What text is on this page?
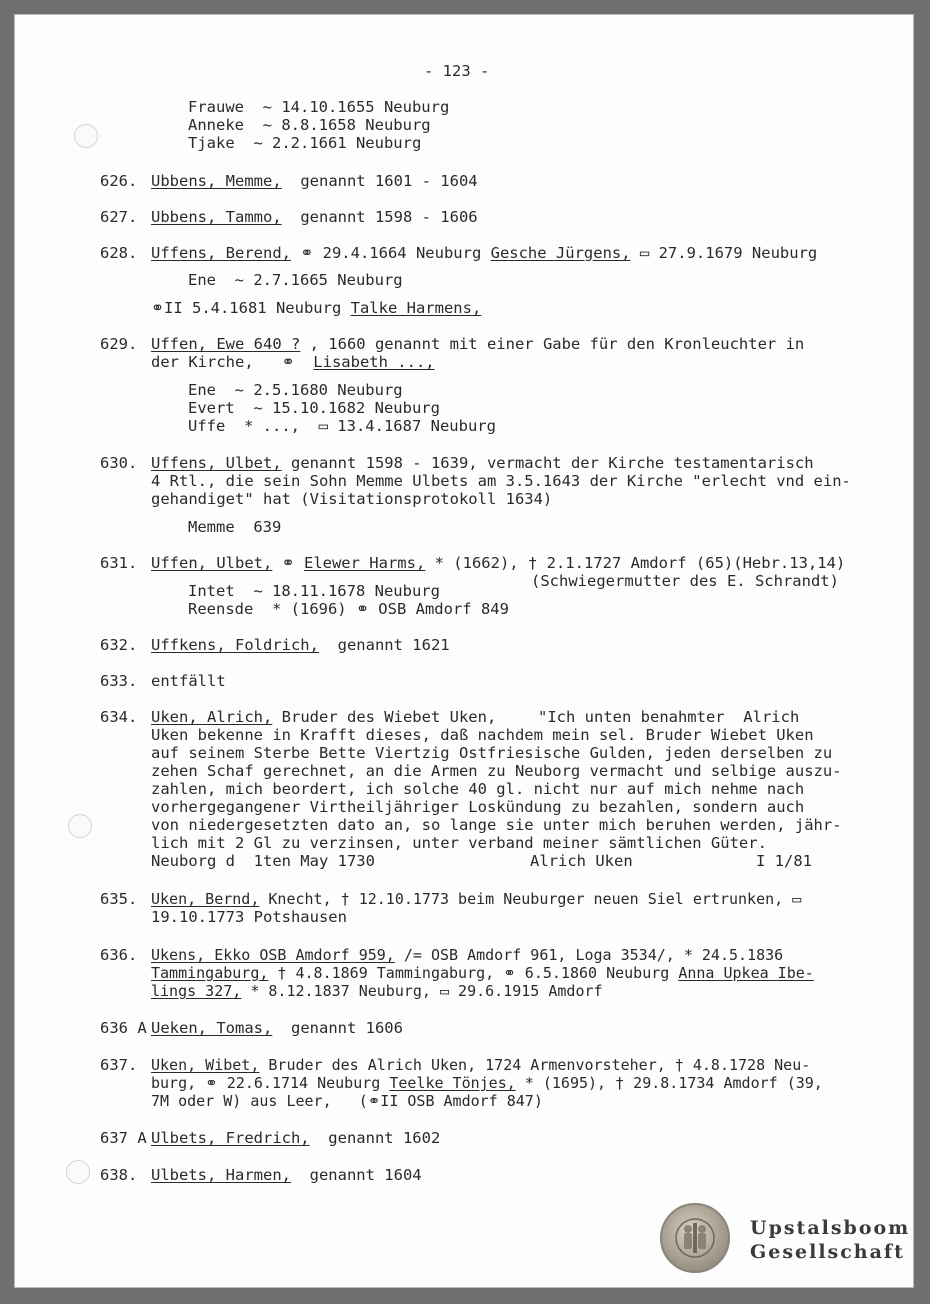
- 123 -
Frauwe  ~ 14.10.1655 Neuburg
Anneke  ~ 8.8.1658 Neuburg
Tjake  ~ 2.2.1661 Neuburg
626. Ubbens, Memme,  genannt 1601 - 1604
627. Ubbens, Tammo,  genannt 1598 - 1606
628. Uffens, Berend, ⚭ 29.4.1664 Neuburg Gesche Jürgens, ▭ 27.9.1679 Neuburg
Ene  ~ 2.7.1665 Neuburg
⚭II 5.4.1681 Neuburg Talke Harmens,
629. Uffen, Ewe 640 ? , 1660 genannt mit einer Gabe für den Kronleuchter in
der Kirche,   ⚭  Lisabeth ...,
Ene  ~ 2.5.1680 Neuburg
Evert  ~ 15.10.1682 Neuburg
Uffe  * ...,  ▭ 13.4.1687 Neuburg
630. Uffens, Ulbet, genannt 1598 - 1639, vermacht der Kirche testamentarisch
4 Rtl., die sein Sohn Memme Ulbets am 3.5.1643 der Kirche "erlecht vnd ein-
gehandiget" hat (Visitationsprotokoll 1634)
Memme  639
631. Uffen, Ulbet, ⚭ Elewer Harms, * (1662), † 2.1.1727 Amdorf (65)(Hebr.13,14)
(Schwiegermutter des E. Schrandt)
Intet  ~ 18.11.1678 Neuburg
Reensde  * (1696) ⚭ OSB Amdorf 849
632. Uffkens, Foldrich,  genannt 1621
633. entfällt
634. Uken, Alrich, Bruder des Wiebet Uken,	"Ich unten benahmter  Alrich
Uken bekenne in Krafft dieses, daß nachdem mein sel. Bruder Wiebet Uken
auf seinem Sterbe Bette Viertzig Ostfriesische Gulden, jeden derselben zu
zehen Schaf gerechnet, an die Armen zu Neuborg vermacht und selbige auszu-
zahlen, mich beordert, ich solche 40 gl. nicht nur auf mich nehme nach
vorhergegangener Virtheiljähriger Loskündung zu bezahlen, sondern auch
von niedergesetzten dato an, so lange sie unter mich beruhen werden, jähr-
lich mit 2 Gl zu verzinsen, unter verband meiner sämtlichen Güter.
Neuborg d  1ten May 1730	Alrich Uken	I 1/81
635. Uken, Bernd, Knecht, † 12.10.1773 beim Neuburger neuen Siel ertrunken, ▭
19.10.1773 Potshausen
636. Ukens, Ekko OSB Amdorf 959, /= OSB Amdorf 961, Loga 3534/, * 24.5.1836
Tammingaburg, † 4.8.1869 Tammingaburg, ⚭ 6.5.1860 Neuburg Anna Upkea Ibe-
lings 327, * 8.12.1837 Neuburg, ▭ 29.6.1915 Amdorf
636 A Ueken, Tomas,  genannt 1606
637. Uken, Wibet, Bruder des Alrich Uken, 1724 Armenvorsteher, † 4.8.1728 Neu-
burg, ⚭ 22.6.1714 Neuburg Teelke Tönjes, * (1695), † 29.8.1734 Amdorf (39,
7M oder W) aus Leer,   (⚭II OSB Amdorf 847)
637 A Ulbets, Fredrich,  genannt 1602
638. Ulbets, Harmen,  genannt 1604
Upstalsboom
Gesellschaft
